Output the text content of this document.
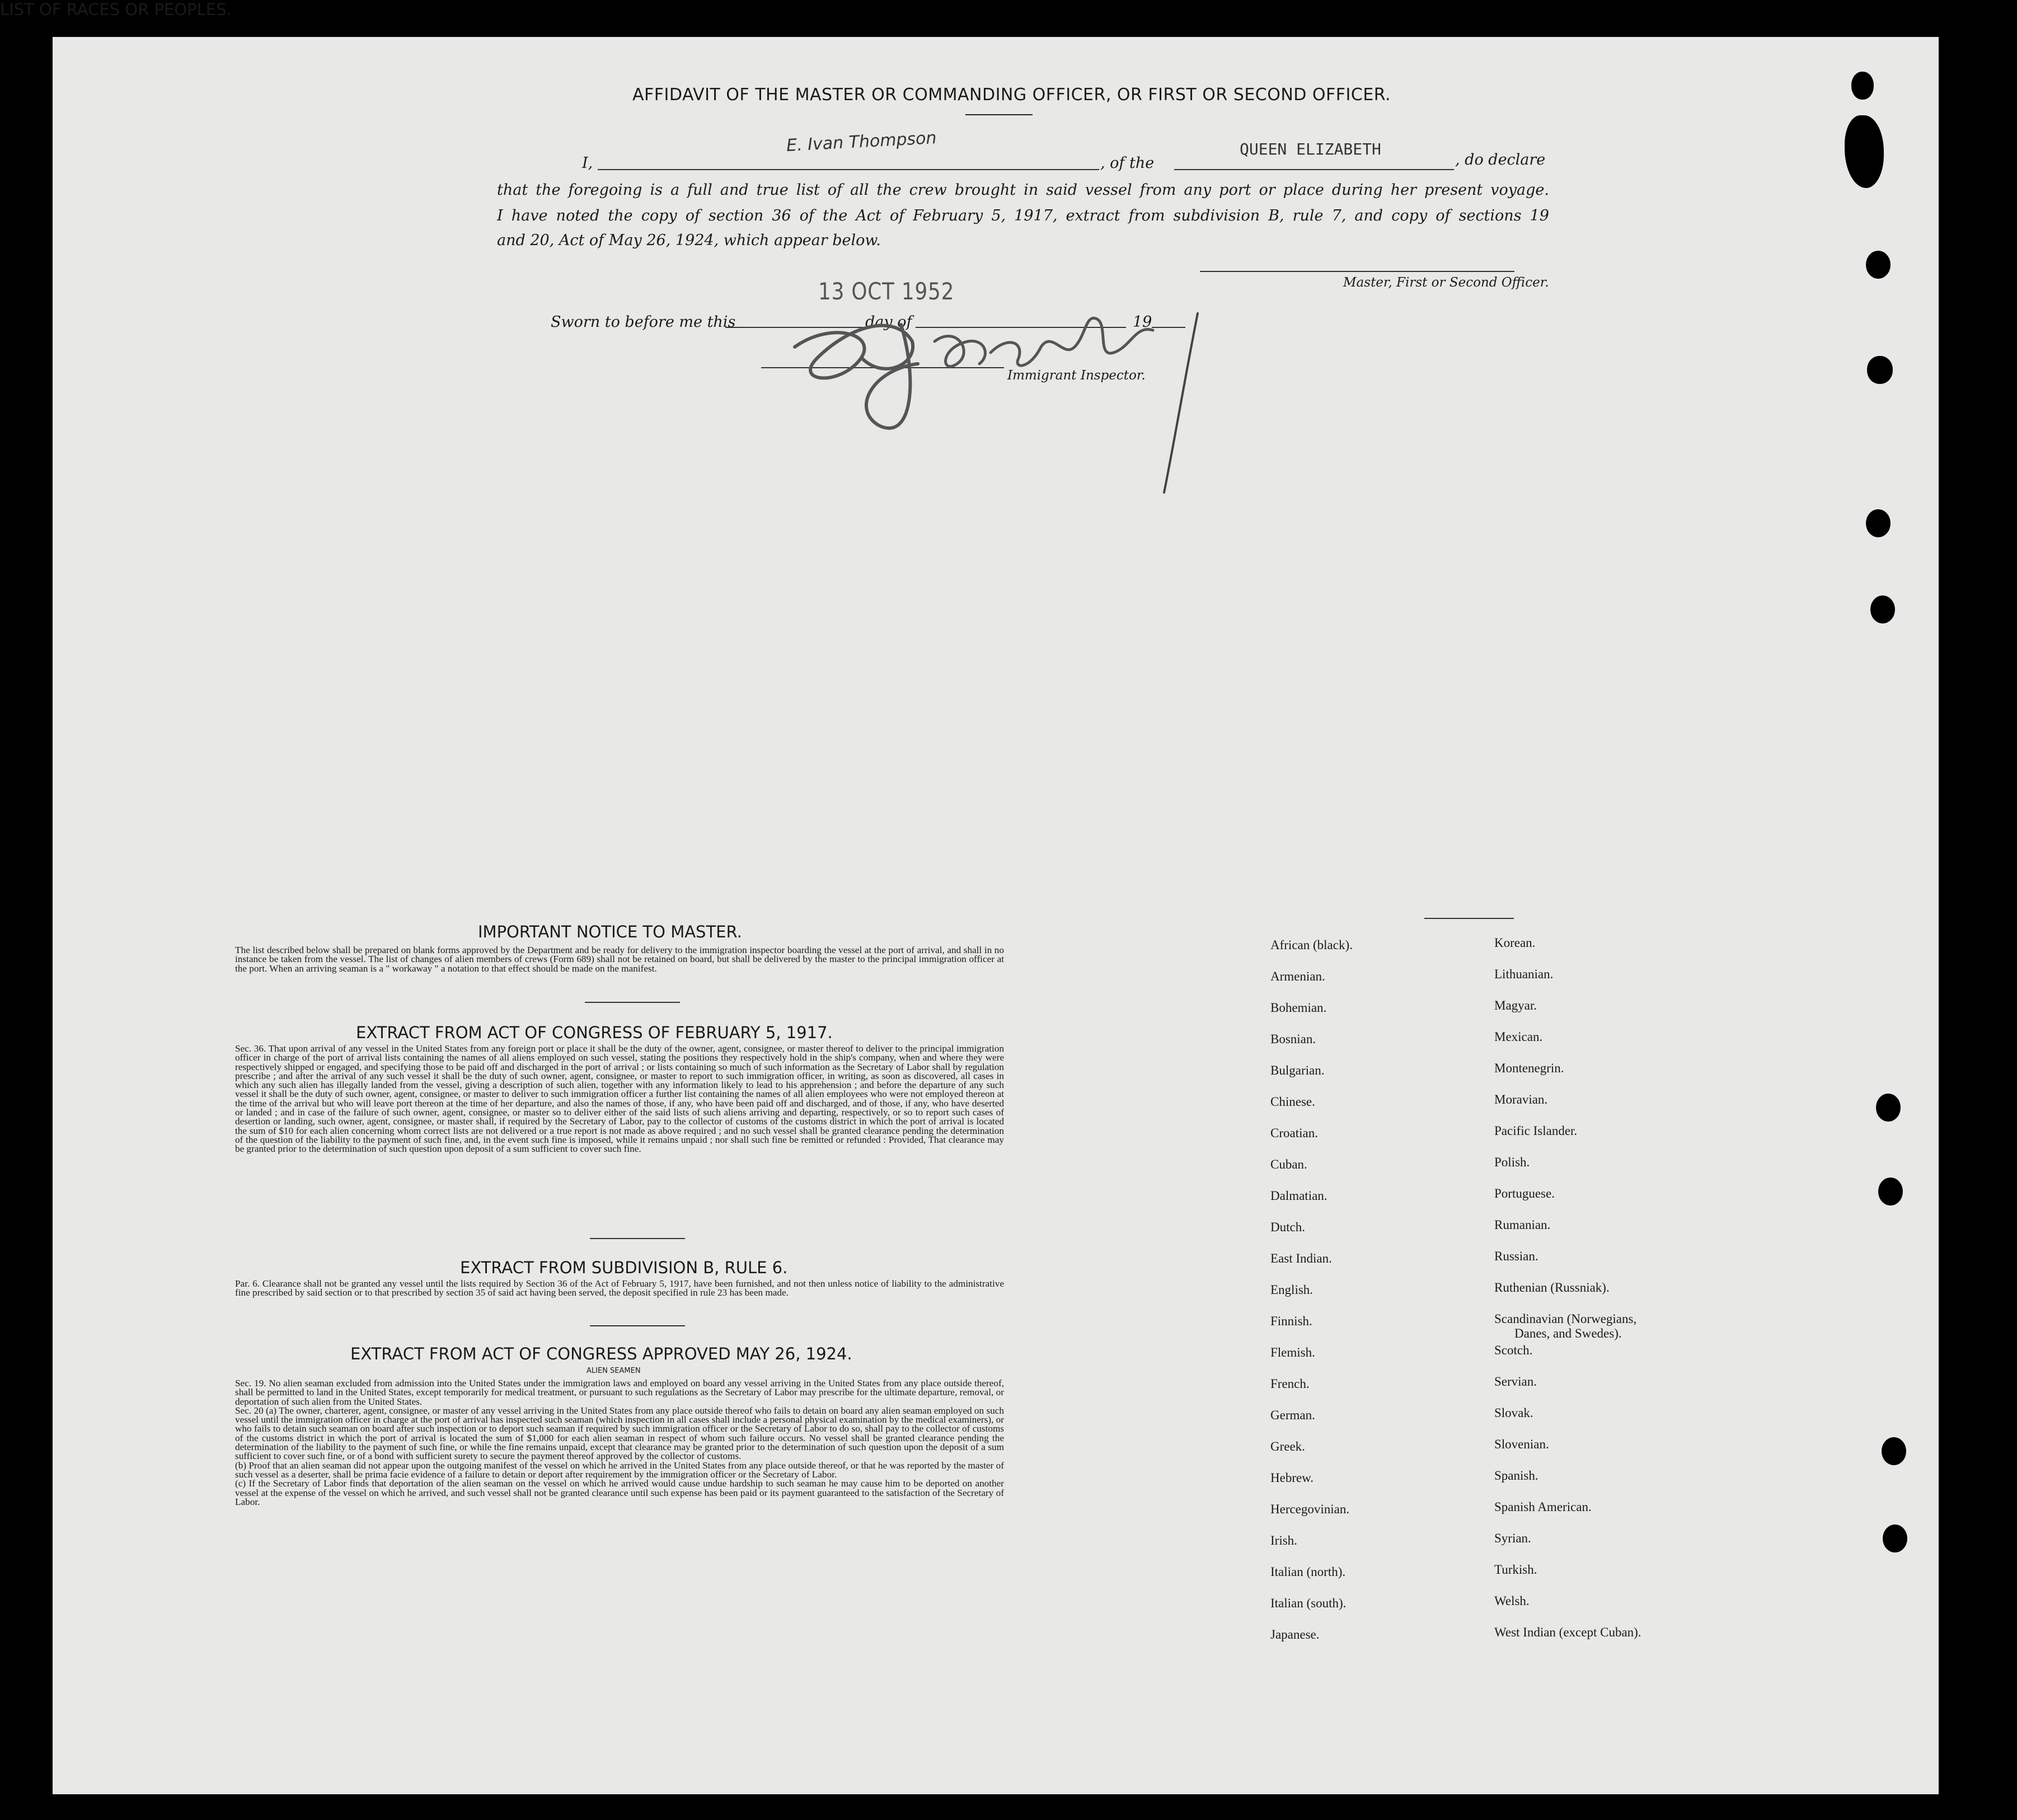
AFFIDAVIT OF THE MASTER OR COMMANDING OFFICER, OR FIRST OR SECOND OFFICER.
I,
E. Ivan Thompson
, of the
QUEEN ELIZABETH
, do declare
that the foregoing is a full and true list of all the crew brought in said vessel from any port or place during her present voyage.
I have noted the copy of section 36 of the Act of February 5, 1917, extract from subdivision B, rule 7, and copy of sections 19
and 20, Act of May 26, 1924, which appear below.
Master, First or Second Officer.
13 OCT 1952
Sworn to before me this	day of	19
Immigrant Inspector.
IMPORTANT NOTICE TO MASTER.
The list described below shall be prepared on blank forms approved by the Department and be ready for delivery to the immigration inspector boarding the vessel at the port of arrival, and shall in no instance be taken from the vessel. The list of changes of alien members of crews (Form 689) shall not be retained on board, but shall be delivered by the master to the principal immigration officer at the port. When an arriving seaman is a " workaway " a notation to that effect should be made on the manifest.
EXTRACT FROM ACT OF CONGRESS OF FEBRUARY 5, 1917.
Sec. 36. That upon arrival of any vessel in the United States from any foreign port or place it shall be the duty of the owner, agent, consignee, or master thereof to deliver to the principal immigration officer in charge of the port of arrival lists containing the names of all aliens employed on such vessel, stating the positions they respectively hold in the ship's company, when and where they were respectively shipped or engaged, and specifying those to be paid off and discharged in the port of arrival ; or lists containing so much of such information as the Secretary of Labor shall by regulation prescribe ; and after the arrival of any such vessel it shall be the duty of such owner, agent, consignee, or master to report to such immigration officer, in writing, as soon as discovered, all cases in which any such alien has illegally landed from the vessel, giving a description of such alien, together with any information likely to lead to his apprehension ; and before the departure of any such vessel it shall be the duty of such owner, agent, consignee, or master to deliver to such immigration officer a further list containing the names of all alien employees who were not employed thereon at the time of the arrival but who will leave port thereon at the time of her departure, and also the names of those, if any, who have been paid off and discharged, and of those, if any, who have deserted or landed ; and in case of the failure of such owner, agent, consignee, or master so to deliver either of the said lists of such aliens arriving and departing, respectively, or so to report such cases of desertion or landing, such owner, agent, consignee, or master shall, if required by the Secretary of Labor, pay to the collector of customs of the customs district in which the port of arrival is located the sum of $10 for each alien concerning whom correct lists are not delivered or a true report is not made as above required ; and no such vessel shall be granted clearance pending the determination of the question of the liability to the payment of such fine, and, in the event such fine is imposed, while it remains unpaid ; nor shall such fine be remitted or refunded : Provided, That clearance may be granted prior to the determination of such question upon deposit of a sum sufficient to cover such fine.
EXTRACT FROM SUBDIVISION B, RULE 6.
Par. 6. Clearance shall not be granted any vessel until the lists required by Section 36 of the Act of February 5, 1917, have been furnished, and not then unless notice of liability to the administrative fine prescribed by said section or to that prescribed by section 35 of said act having been served, the deposit specified in rule 23 has been made.
EXTRACT FROM ACT OF CONGRESS APPROVED MAY 26, 1924.
ALIEN SEAMEN

Sec. 19. No alien seaman excluded from admission into the United States under the immigration laws and employed on board any vessel arriving in the United States from any place outside thereof, shall be permitted to land in the United States, except temporarily for medical treatment, or pursuant to such regulations as the Secretary of Labor may prescribe for the ultimate departure, removal, or deportation of such alien from the United States.

Sec. 20 (a) The owner, charterer, agent, consignee, or master of any vessel arriving in the United States from any place outside thereof who fails to detain on board any alien seaman employed on such vessel until the immigration officer in charge at the port of arrival has inspected such seaman (which inspection in all cases shall include a personal physical examination by the medical examiners), or who fails to detain such seaman on board after such inspection or to deport such seaman if required by such immigration officer or the Secretary of Labor to do so, shall pay to the collector of customs of the customs district in which the port of arrival is located the sum of $1,000 for each alien seaman in respect of whom such failure occurs. No vessel shall be granted clearance pending the determination of the liability to the payment of such fine, or while the fine remains unpaid, except that clearance may be granted prior to the determination of such question upon the deposit of a sum sufficient to cover such fine, or of a bond with sufficient surety to secure the payment thereof approved by the collector of customs.

(b) Proof that an alien seaman did not appear upon the outgoing manifest of the vessel on which he arrived in the United States from any place outside thereof, or that he was reported by the master of such vessel as a deserter, shall be prima facie evidence of a failure to detain or deport after requirement by the immigration officer or the Secretary of Labor.

(c) If the Secretary of Labor finds that deportation of the alien seaman on the vessel on which he arrived would cause undue hardship to such seaman he may cause him to be deported on another vessel at the expense of the vessel on which he arrived, and such vessel shall not be granted clearance until such expense has been paid or its payment guaranteed to the satisfaction of the Secretary of Labor.

LIST OF RACES OR PEOPLES.
African (black).
Armenian.
Bohemian.
Bosnian.
Bulgarian.
Chinese.
Croatian.
Cuban.
Dalmatian.
Dutch.
East Indian.
English.
Finnish.
Flemish.
French.
German.
Greek.
Hebrew.
Hercegovinian.
Irish.
Italian (north).
Italian (south).
Japanese.
Korean.
Lithuanian.
Magyar.
Mexican.
Montenegrin.
Moravian.
Pacific Islander.
Polish.
Portuguese.
Rumanian.
Russian.
Ruthenian (Russniak).
Scandinavian (Norwegians,
Danes, and Swedes).
Scotch.
Servian.
Slovak.
Slovenian.
Spanish.
Spanish American.
Syrian.
Turkish.
Welsh.
West Indian (except Cuban).
